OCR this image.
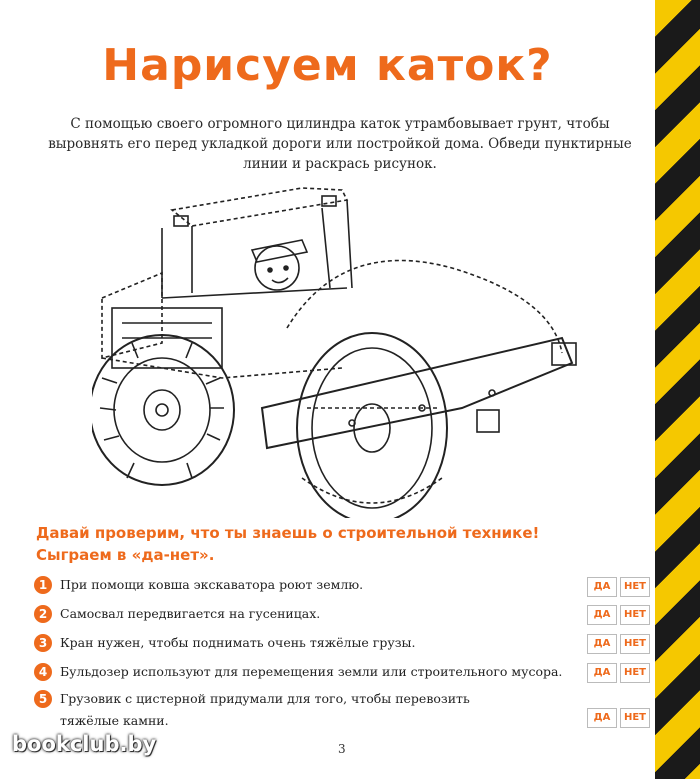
Нарисуем каток?
С помощью своего огромного цилиндра каток утрамбовывает грунт, чтобы выровнять его перед укладкой дороги или постройкой дома. Обведи пунктирные линии и раскрась рисунок.
Давай проверим, что ты знаешь о строительной технике!
Сыграем в «да-нет».
1	При помощи ковша экскаватора роют землю.	ДА НЕТ
2	Самосвал передвигается на гусеницах.	ДА НЕТ
3	Кран нужен, чтобы поднимать очень тяжёлые грузы.	ДА НЕТ
4	Бульдозер используют для перемещения земли или строительного мусора.	ДА НЕТ
5	Грузовик с цистерной придумали для того, чтобы перевозить тяжёлые камни.	ДА НЕТ
3
bookclub.by
